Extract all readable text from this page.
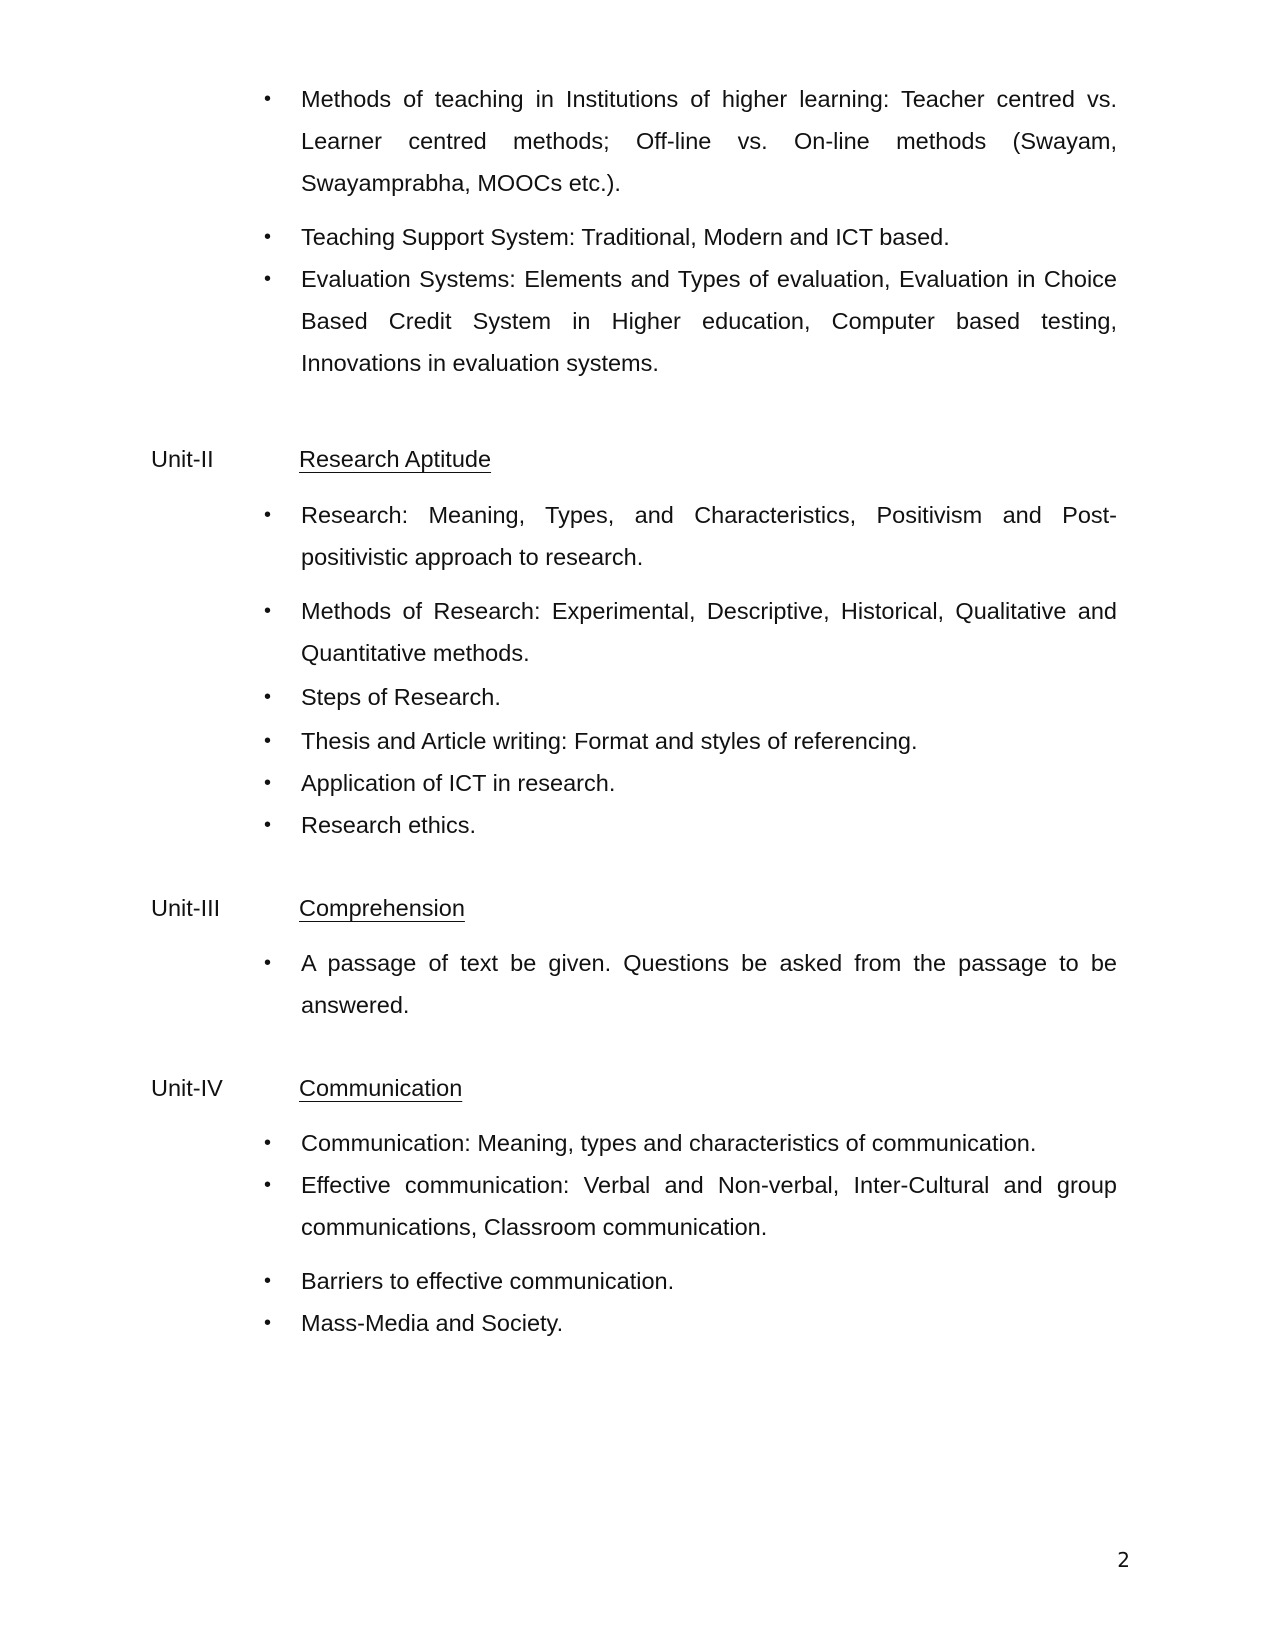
• Methods of teaching in Institutions of higher learning: Teacher centred vs. Learner centred methods; Off-line vs. On-line methods (Swayam, Swayamprabha, MOOCs etc.).
• Teaching Support System: Traditional, Modern and ICT based.
• Evaluation Systems: Elements and Types of evaluation, Evaluation in Choice Based Credit System in Higher education, Computer based testing, Innovations in evaluation systems.
Unit-II	Research Aptitude
• Research: Meaning, Types, and Characteristics, Positivism and Post-positivistic approach to research.
• Methods of Research: Experimental, Descriptive, Historical, Qualitative and Quantitative methods.
• Steps of Research.
• Thesis and Article writing: Format and styles of referencing.
• Application of ICT in research.
• Research ethics.
Unit-III	Comprehension
• A passage of text be given. Questions be asked from the passage to be answered.
Unit-IV	Communication
• Communication: Meaning, types and characteristics of communication.
• Effective communication: Verbal and Non-verbal, Inter-Cultural and group communications, Classroom communication.
• Barriers to effective communication.
• Mass-Media and Society.
2
